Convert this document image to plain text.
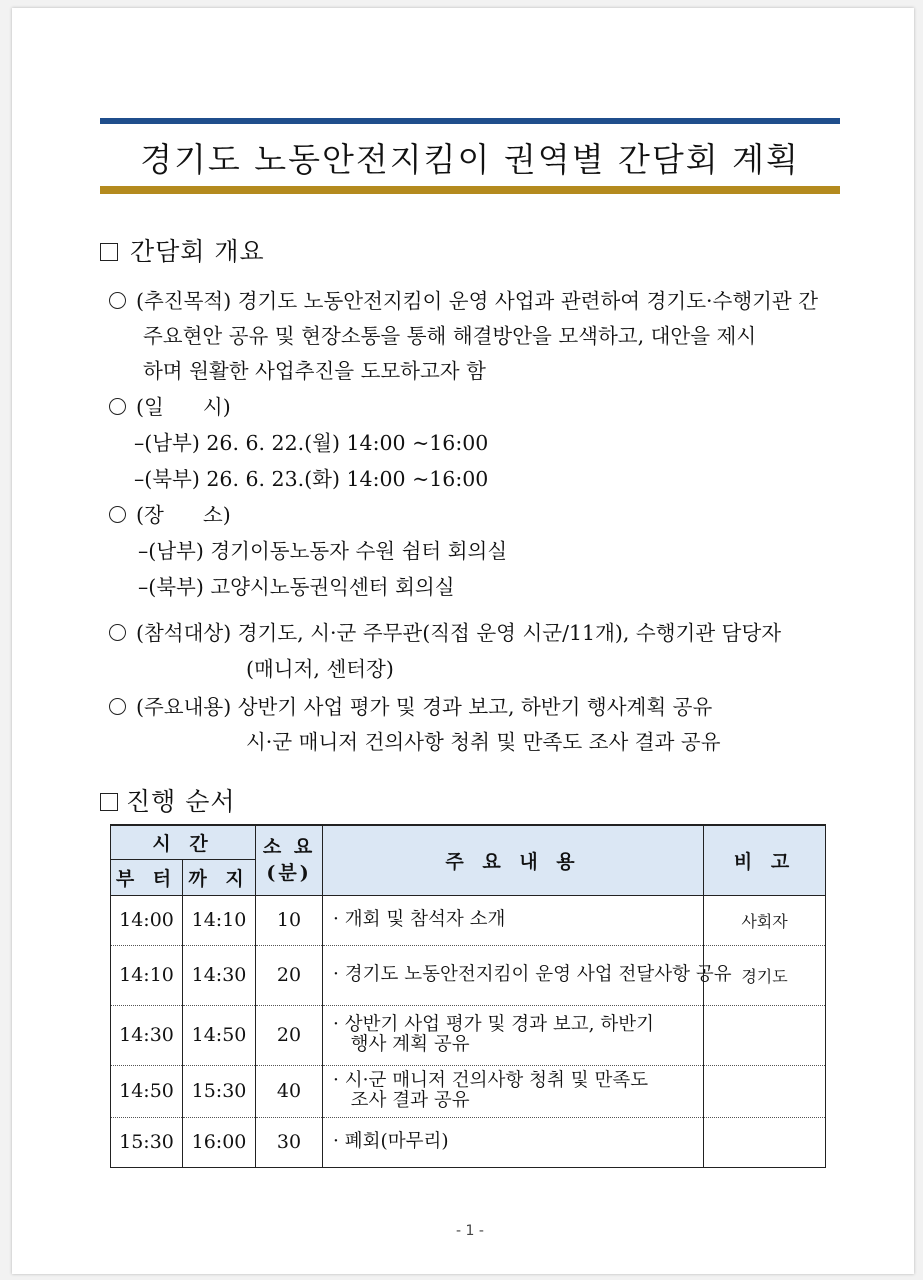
경기도 노동안전지킴이 권역별 간담회 계획
간담회 개요
(추진목적) 경기도 노동안전지킴이 운영 사업과 관련하여 경기도·수행기관 간
주요현안 공유 및 현장소통을 통해 해결방안을 모색하고, 대안을 제시
하며 원활한 사업추진을 도모하고자 함
(일      시)
–(남부) 26. 6. 22.(월) 14:00 ~16:00
–(북부) 26. 6. 23.(화) 14:00 ~16:00
(장      소)
–(남부) 경기이동노동자 수원 쉼터 회의실
–(북부) 고양시노동권익센터 회의실
(참석대상) 경기도, 시·군 주무관(직접 운영 시군/11개), 수행기관 담당자
(매니저, 센터장)
(주요내용) 상반기 사업 평가 및 경과 보고, 하반기 행사계획 공유
시·군 매니저 건의사항 청취 및 만족도 조사 결과 공유
진행 순서
시 간		소 요
(분)	주 요 내 용	비 고
부 터	까 지			
14:00	14:10	10	· 개회 및 참석자 소개	사회자
14:10	14:30	20	· 경기도 노동안전지킴이 운영 사업 전달사항 공유	경기도
14:30	14:50	20	· 상반기 사업 평가 및 경과 보고, 하반기
행사 계획 공유	
14:50	15:30	40	· 시·군 매니저 건의사항 청취 및 만족도
조사 결과 공유	
15:30	16:00	30	· 폐회(마무리)	
- 1 -
